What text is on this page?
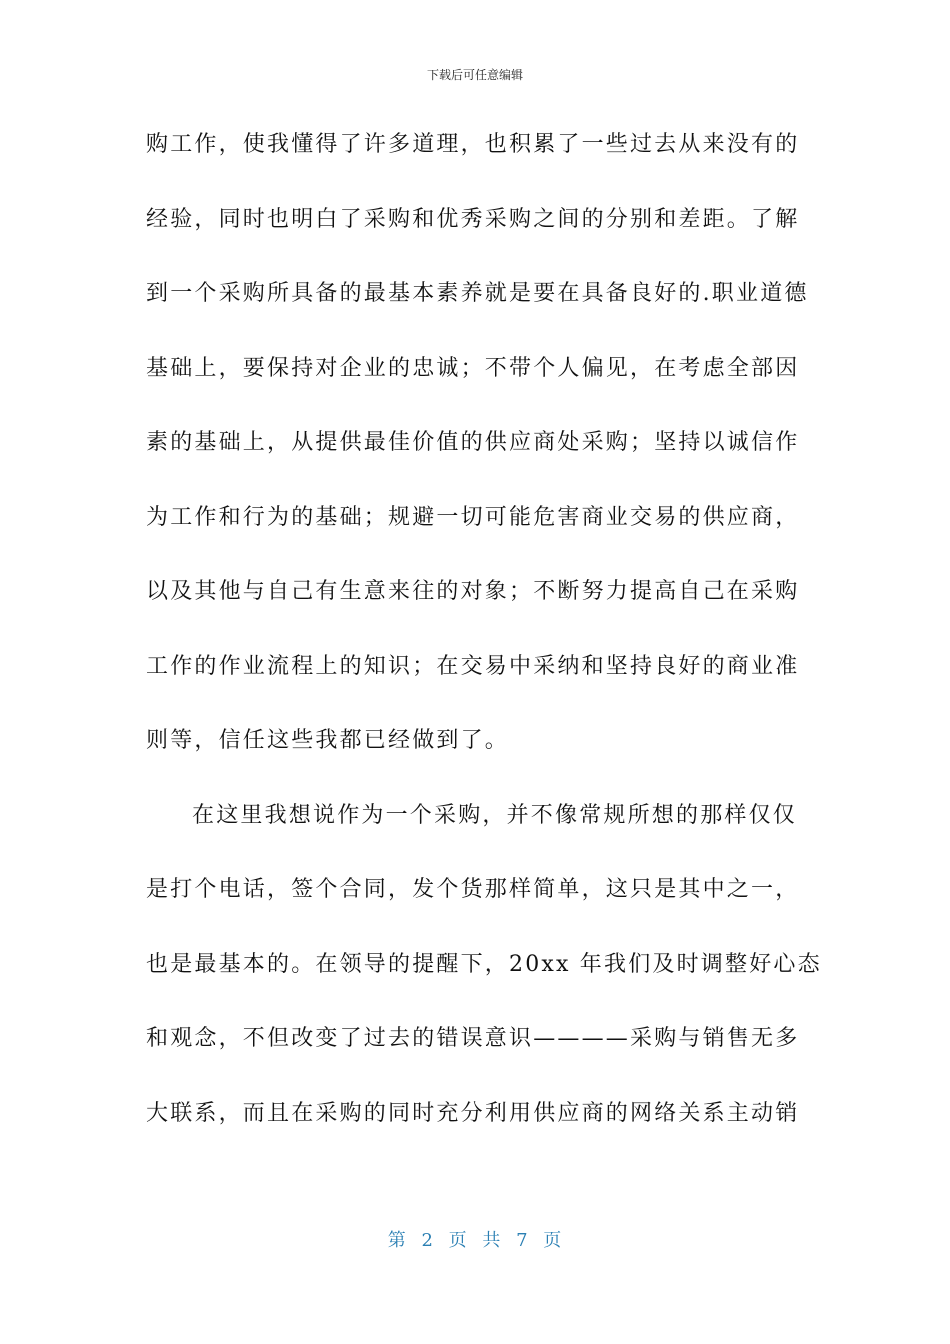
下载后可任意编辑
购工作，使我懂得了许多道理，也积累了一些过去从来没有的
经验，同时也明白了采购和优秀采购之间的分别和差距。了解
到一个采购所具备的最基本素养就是要在具备良好的.职业道德
基础上，要保持对企业的忠诚；不带个人偏见，在考虑全部因
素的基础上，从提供最佳价值的供应商处采购；坚持以诚信作
为工作和行为的基础；规避一切可能危害商业交易的供应商，
以及其他与自己有生意来往的对象；不断努力提高自己在采购
工作的作业流程上的知识；在交易中采纳和坚持良好的商业准
则等，信任这些我都已经做到了。
在这里我想说作为一个采购，并不像常规所想的那样仅仅
是打个电话，签个合同，发个货那样简单，这只是其中之一，
也是最基本的。在领导的提醒下，20xx 年我们及时调整好心态
和观念，不但改变了过去的错误意识————采购与销售无多
大联系，而且在采购的同时充分利用供应商的网络关系主动销
第 2 页 共 7 页
